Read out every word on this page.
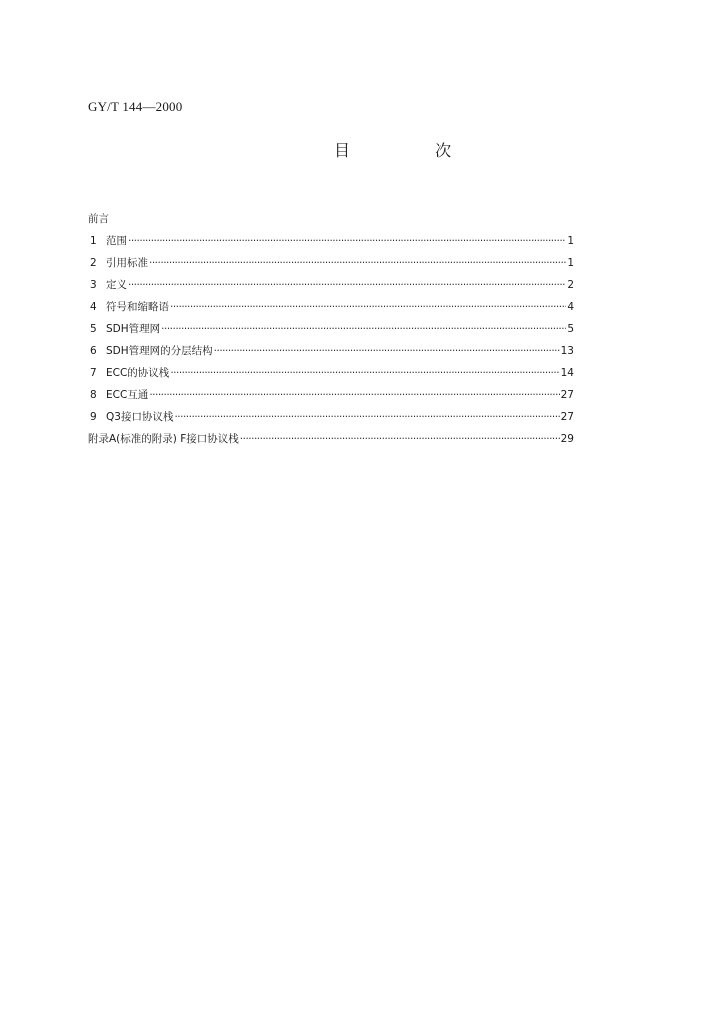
GY/T 144—2000
目 次
前言
1 范围 ·····	1
2 引用标准 ·····	1
3 定义 ·····	2
4 符号和缩略语 ·····	4
5 SDH管理网 ·····	5
6 SDH管理网的分层结构 ·····	13
7 ECC的协议栈 ·····	14
8 ECC互通 ·····	27
9 Q3接口协议栈 ·····	27
附录A(标准的附录) F接口协议栈 ·····	29
